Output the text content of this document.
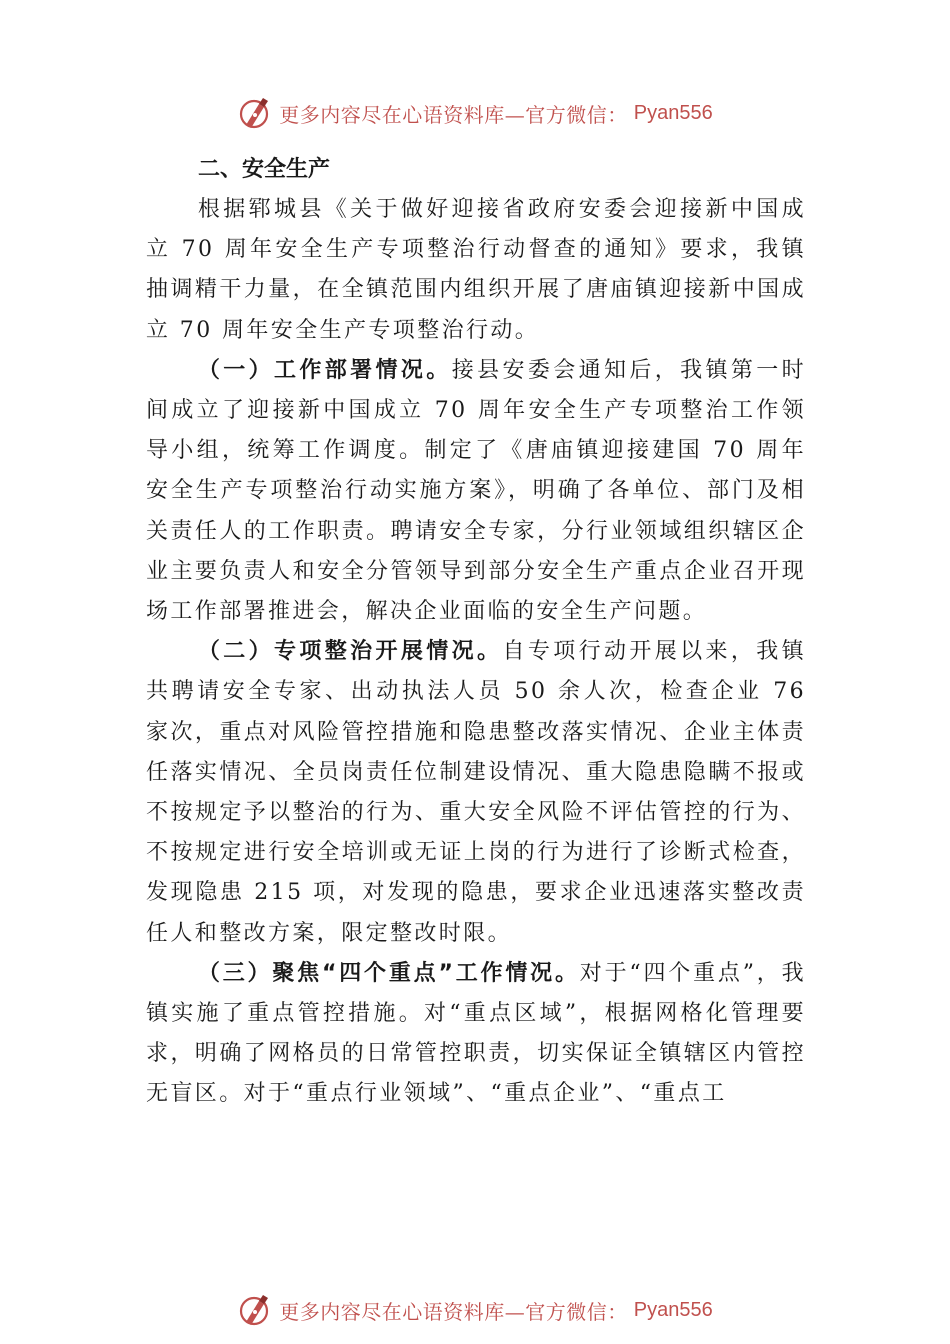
更多内容尽在心语资料库—官方微信： Pyan556
二、安全生产

根据郓城县《关于做好迎接省政府安委会迎接新中国成立 70 周年安全生产专项整治行动督查的通知》要求，我镇抽调精干力量，在全镇范围内组织开展了唐庙镇迎接新中国成立 70 周年安全生产专项整治行动。

（一）工作部署情况。接县安委会通知后，我镇第一时间成立了迎接新中国成立 70 周年安全生产专项整治工作领导小组，统筹工作调度。制定了《唐庙镇迎接建国 70 周年安全生产专项整治行动实施方案》，明确了各单位、部门及相关责任人的工作职责。聘请安全专家，分行业领域组织辖区企业主要负责人和安全分管领导到部分安全生产重点企业召开现场工作部署推进会，解决企业面临的安全生产问题。

（二）专项整治开展情况。自专项行动开展以来，我镇共聘请安全专家、出动执法人员 50 余人次，检查企业 76 家次，重点对风险管控措施和隐患整改落实情况、企业主体责任落实情况、全员岗责任位制建设情况、重大隐患隐瞒不报或不按规定予以整治的行为、重大安全风险不评估管控的行为、不按规定进行安全培训或无证上岗的行为进行了诊断式检查，发现隐患 215 项，对发现的隐患，要求企业迅速落实整改责任人和整改方案，限定整改时限。

（三）聚焦“四个重点”工作情况。对于“四个重点”，我镇实施了重点管控措施。对“重点区域”，根据网格化管理要求，明确了网格员的日常管控职责，切实保证全镇辖区内管控无盲区。对于“重点行业领域”、“重点企业”、“重点工

更多内容尽在心语资料库—官方微信： Pyan556
